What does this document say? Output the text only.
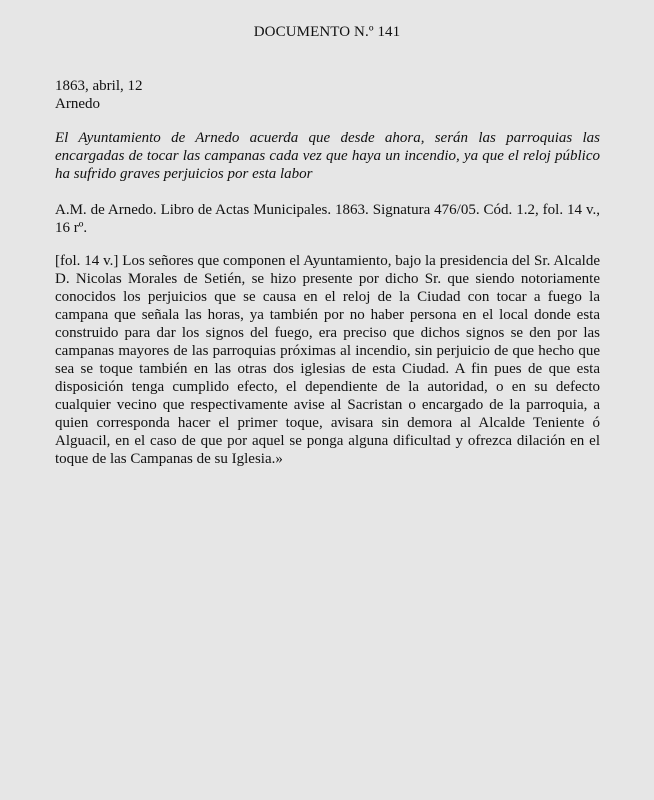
DOCUMENTO N.º 141
1863, abril, 12
Arnedo
El Ayuntamiento de Arnedo acuerda que desde ahora, serán las parroquias las encargadas de tocar las campanas cada vez que haya un incendio, ya que el reloj público ha sufrido graves perjuicios por esta labor
A.M. de Arnedo. Libro de Actas Municipales. 1863. Signatura 476/05. Cód. 1.2, fol. 14 v., 16 rº.
[fol. 14 v.] Los señores que componen el Ayuntamiento, bajo la presidencia del Sr. Alcalde D. Nicolas Morales de Setién, se hizo presente por dicho Sr. que siendo notoriamente conocidos los perjuicios que se causa en el reloj de la Ciudad con tocar a fuego la campana que señala las horas, ya también por no haber persona en el local donde esta construido para dar los signos del fuego, era preciso que dichos signos se den por las campanas mayores de las parroquias próximas al incendio, sin perjuicio de que hecho que sea se toque también en las otras dos iglesias de esta Ciudad. A fin pues de que esta disposición tenga cumplido efecto, el dependiente de la autoridad, o en su defecto cualquier vecino que respectivamente avise al Sacristan o encargado de la parroquia, a quien corresponda hacer el primer toque, avisara sin demora al Alcalde Teniente ó Alguacil, en el caso de que por aquel se ponga alguna dificultad y ofrezca dilación en el toque de las Campanas de su Iglesia.»
